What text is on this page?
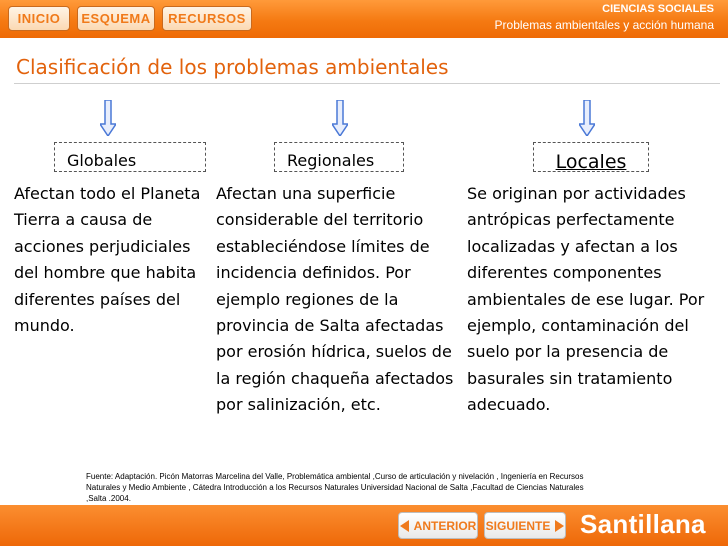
INICIO	ESQUEMA	RECURSOS
CIENCIAS SOCIALES
Problemas ambientales y acción humana
Clasificación de los problemas ambientales
Globales	Regionales	Locales
Afectan todo el Planeta Tierra a causa de acciones perjudiciales del hombre que habita diferentes países del mundo.
Afectan una superficie considerable del territorio estableciéndose límites de incidencia definidos. Por ejemplo regiones de la provincia de Salta afectadas por erosión hídrica, suelos de la región chaqueña afectados por salinización, etc.
Se originan por actividades antrópicas perfectamente localizadas y afectan a los diferentes componentes ambientales de ese lugar. Por ejemplo, contaminación del suelo por la presencia de basurales sin tratamiento adecuado.
Fuente: Adaptación. Picón Matorras Marcelina del Valle, Problemática ambiental ,Curso de articulación y nivelación , Ingeniería en Recursos Naturales y Medio Ambiente , Cátedra Introducción a los Recursos Naturales Universidad Nacional de Salta ,Facultad de Ciencias Naturales ,Salta .2004.
ANTERIOR SIGUIENTE Santillana
